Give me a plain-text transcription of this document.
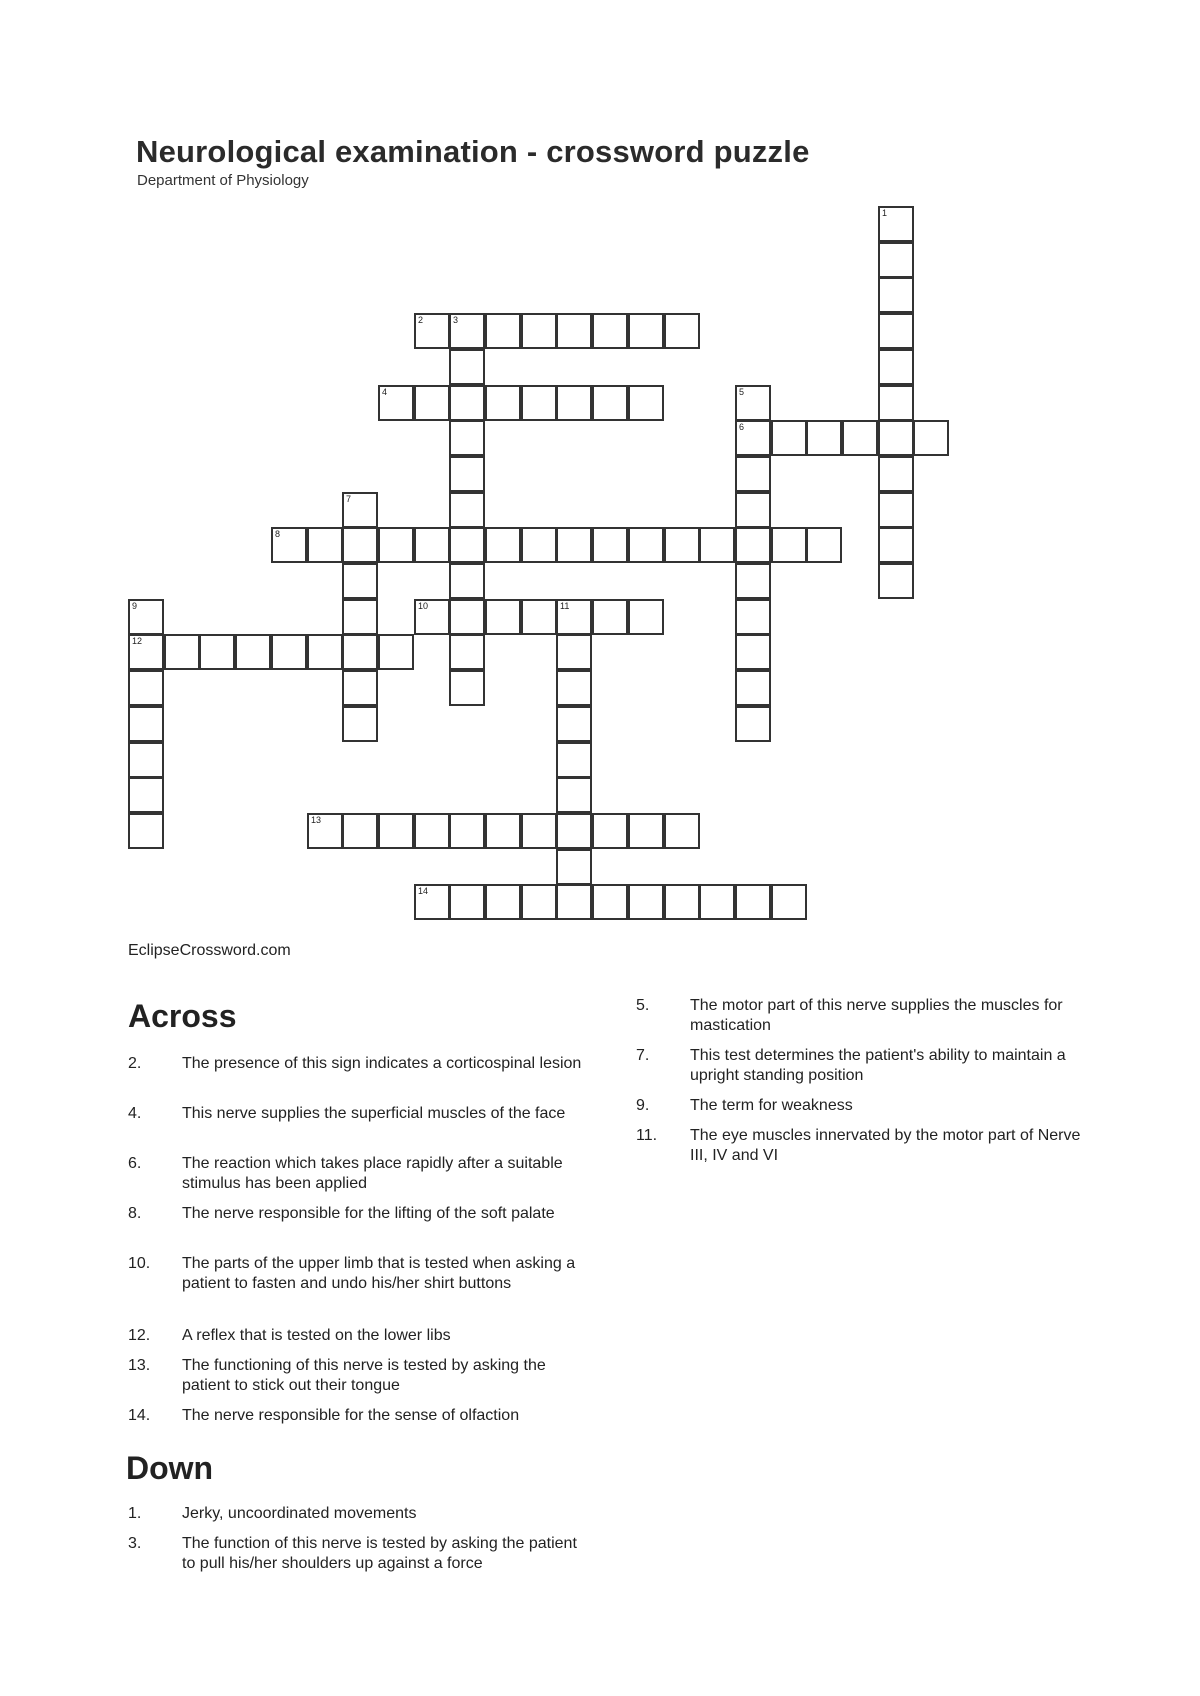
Neurological examination - crossword puzzle
Department of Physiology
1
2	3
4	5
6
7
8
9
12
10	11
13
14
EclipseCrossword.com
Across
Down
2.	The presence of this sign indicates a corticospinal lesion
4.	This nerve supplies the superficial muscles of the face
6.	The reaction which takes place rapidly after a suitable stimulus has been applied
8.	The nerve responsible for the lifting of the soft palate
10. The parts of the upper limb that is tested when asking a patient to fasten and undo his/her shirt buttons
12. A reflex that is tested on the lower libs
13. The functioning of this nerve is tested by asking the patient to stick out their tongue
14. The nerve responsible for the sense of olfaction
1.	Jerky, uncoordinated movements
3.	The function of this nerve is tested by asking the patient to pull his/her shoulders up against a force
5.	The motor part of this nerve supplies the muscles for mastication
7.	This test determines the patient's ability to maintain a upright standing position
9.	The term for weakness
11. The eye muscles innervated by the motor part of Nerve III, IV and VI
